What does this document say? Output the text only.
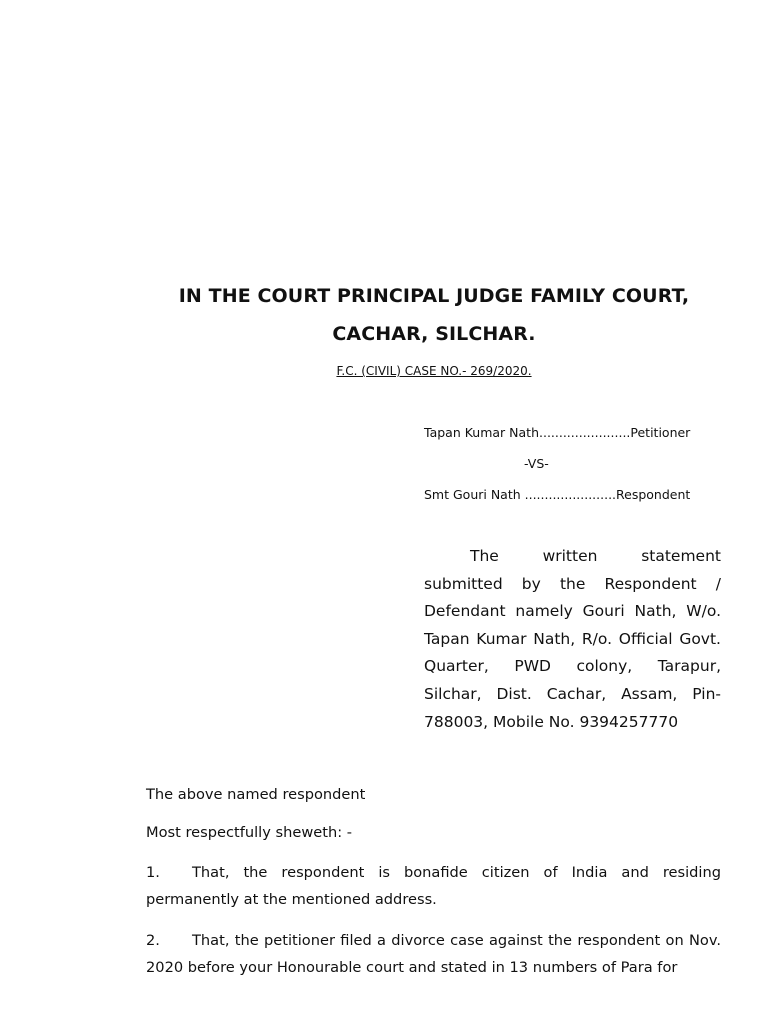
IN THE COURT PRINCIPAL JUDGE FAMILY COURT,
CACHAR, SILCHAR.
F.C. (CIVIL) CASE NO.- 269/2020.
Tapan Kumar Nath.......................Petitioner
-VS-
Smt Gouri Nath .......................Respondent
The written statement submitted by the Respondent / Defendant namely Gouri Nath, W/o. Tapan Kumar Nath, R/o. Official Govt. Quarter, PWD colony, Tarapur, Silchar, Dist. Cachar, Assam, Pin-788003, Mobile No. 9394257770
The above named respondent
Most respectfully sheweth: -
1. That, the respondent is bonafide citizen of India and residing permanently at the mentioned address.
2. That, the petitioner filed a divorce case against the respondent on Nov. 2020 before your Honourable court and stated in 13 numbers of Para for
